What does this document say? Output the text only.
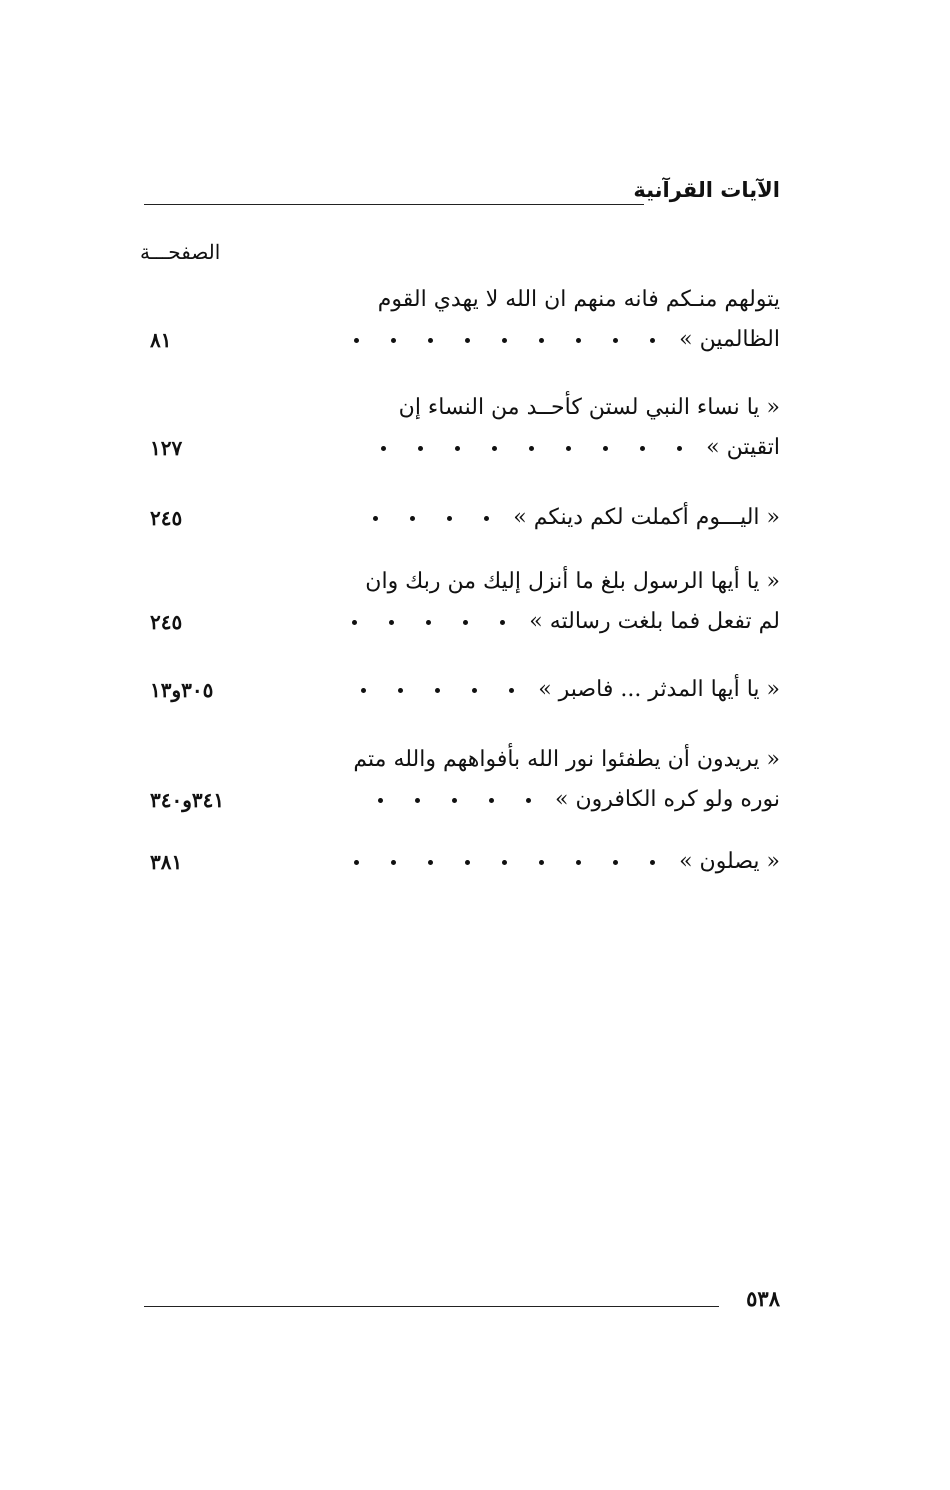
الآيات القرآنية
الصفحـــة
يتولهم منـكم فانه منهم ان الله لا يهدي القوم
الظالمين »
٨١
« يا نساء النبي لستن كأحــد من النساء إن
اتقيتن »
١٢٧
« اليـــوم أكملت لكم دينكم »
٢٤٥
« يا أيها الرسول بلغ ما أنزل إليك من ربك وان
لم تفعل فما بلغت رسالته »
٢٤٥
« يا أيها المدثر ... فاصبر »
٣٠٥و١٣
« يريدون أن يطفئوا نور الله بأفواههم والله متم
نوره ولو كره الكافرون »
٣٤١و٣٤٠
« يصلون »
٣٨١
٥٣٨
